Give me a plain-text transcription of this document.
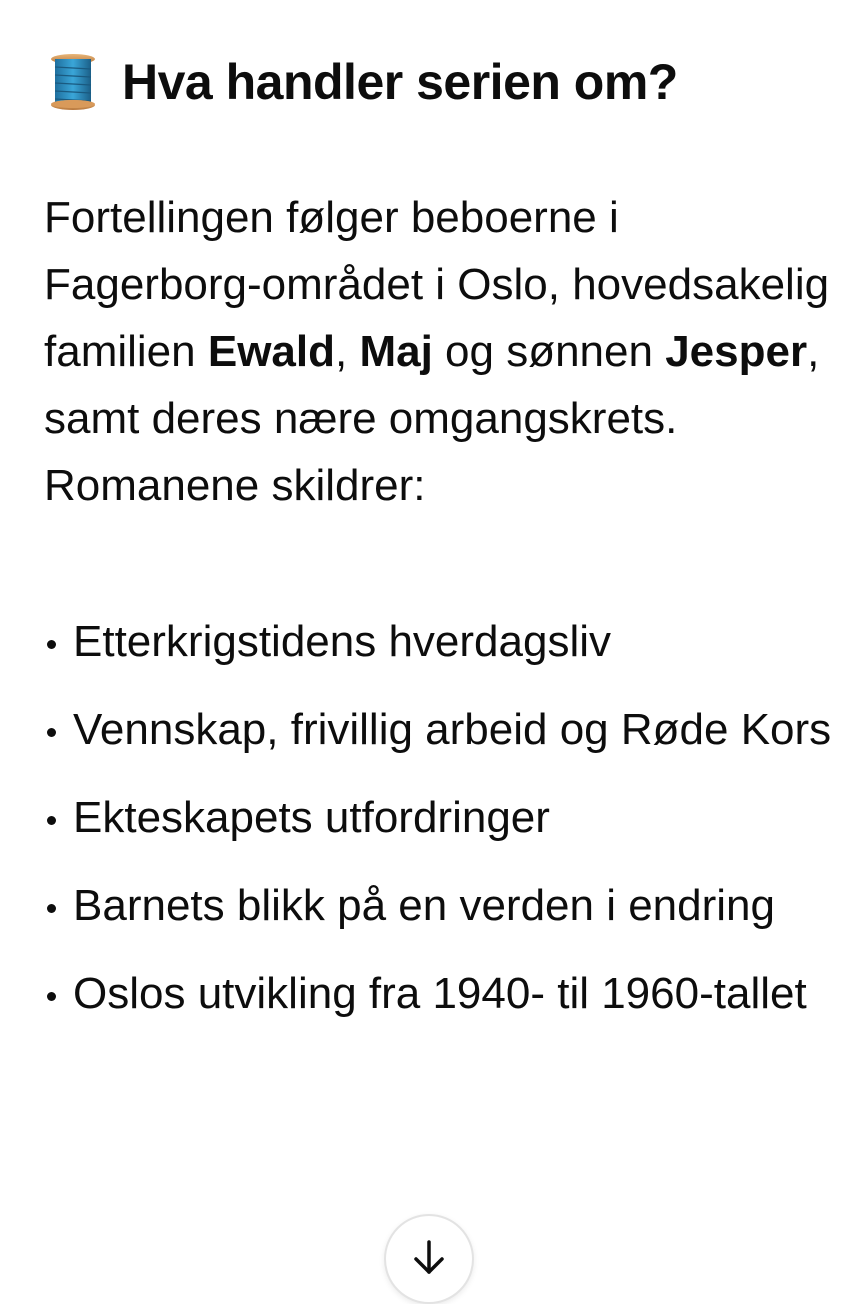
Hva handler serien om?

Fortellingen følger beboerne i Fagerborg-området i Oslo, hovedsakelig familien Ewald, Maj og sønnen Jesper, samt deres nære omgangskrets. Romanene skildrer:

Etterkrigstidens hverdagsliv
Vennskap, frivillig arbeid og Røde Kors
Ekteskapets utfordringer
Barnets blikk på en verden i endring
Oslos utvikling fra 1940- til 1960-tallet
